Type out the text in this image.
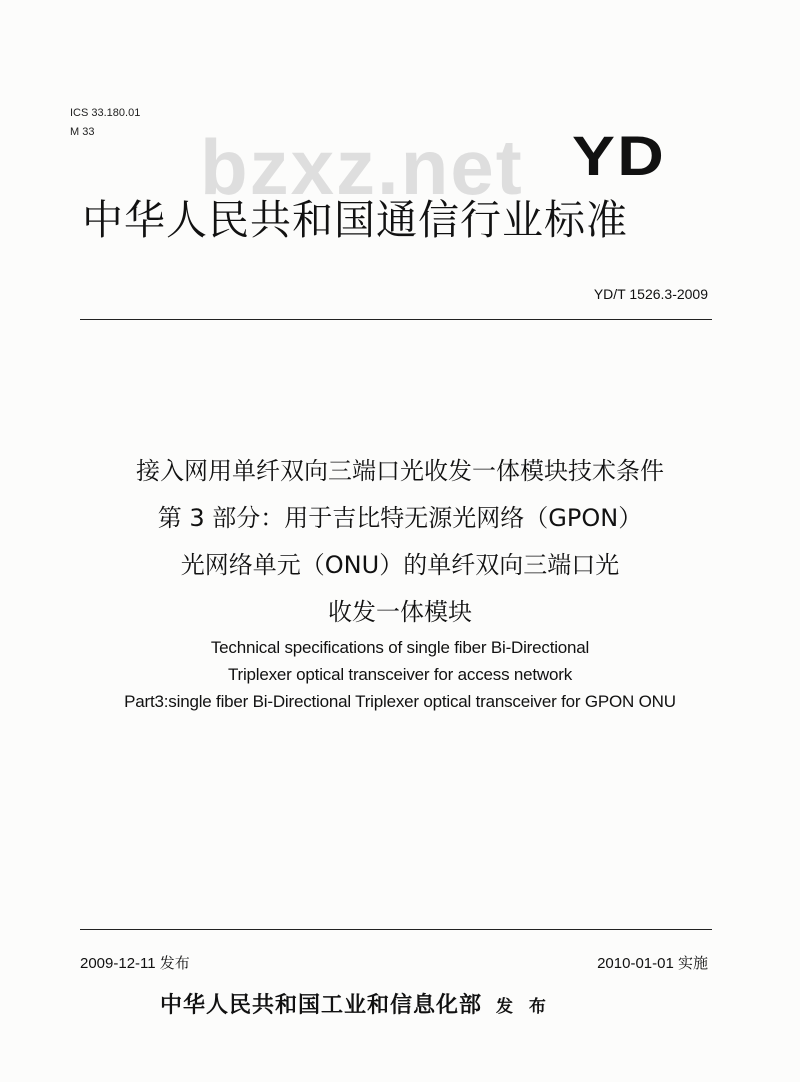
ICS 33.180.01
M 33	bzxz.net YD
中华人民共和国通信行业标准
YD/T 1526.3-2009
接入网用单纤双向三端口光收发一体模块技术条件
第 3 部分：用于吉比特无源光网络（GPON）
光网络单元（ONU）的单纤双向三端口光
收发一体模块
Technical specifications of single fiber Bi-Directional
Triplexer optical transceiver for access network
Part3:single fiber Bi-Directional Triplexer optical transceiver for GPON ONU
2009-12-11 发布	2010-01-01 实施
中华人民共和国工业和信息化部 发 布
